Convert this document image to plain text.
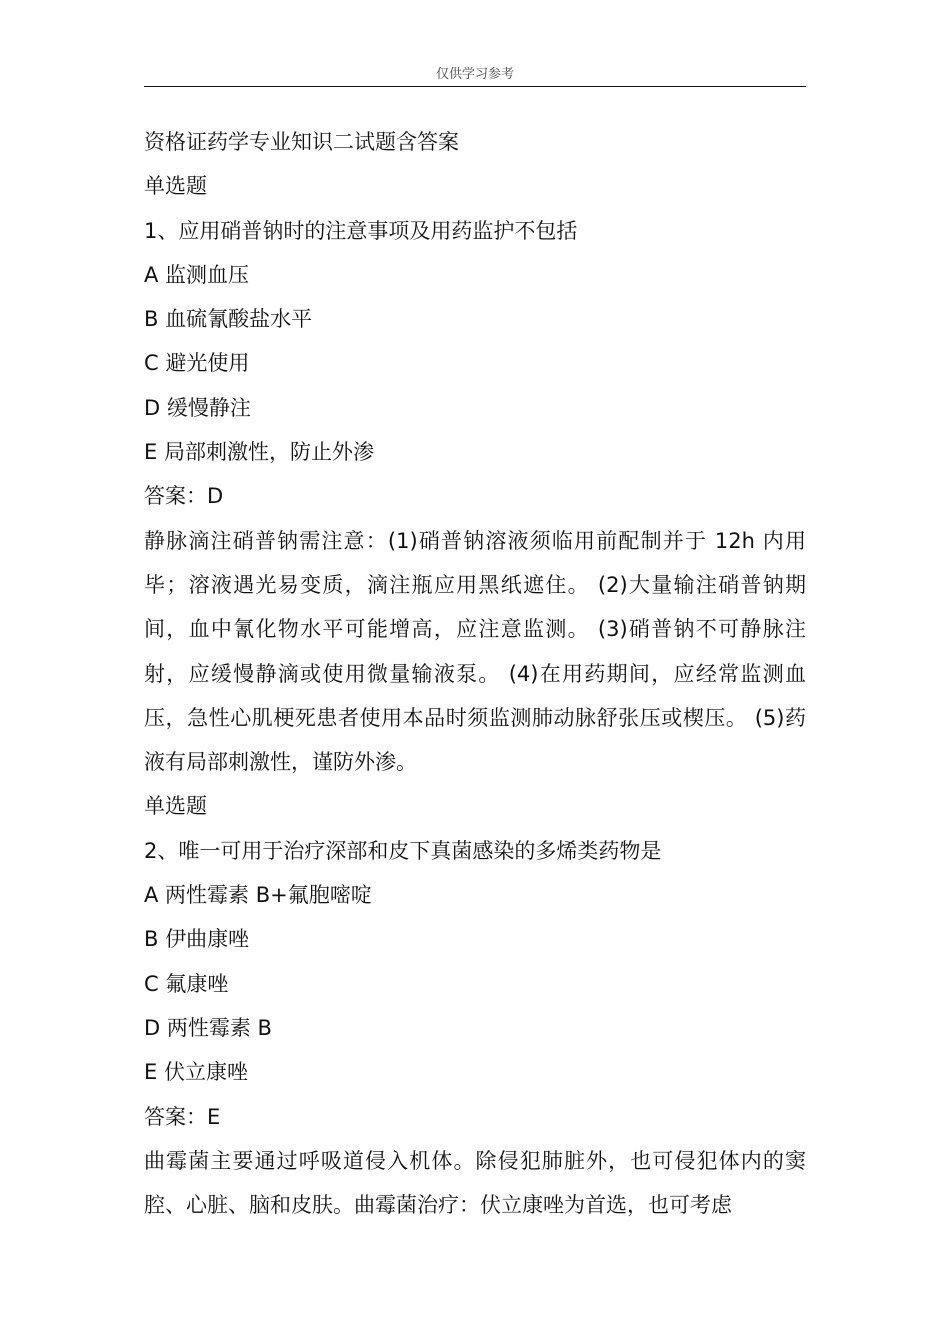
仅供学习参考
资格证药学专业知识二试题含答案
单选题
1、应用硝普钠时的注意事项及用药监护不包括
A 监测血压
B 血硫氰酸盐水平
C 避光使用
D 缓慢静注
E 局部刺激性，防止外渗
答案：D
静脉滴注硝普钠需注意：(1)硝普钠溶液须临用前配制并于 12h 内用毕；溶液遇光易变质，滴注瓶应用黑纸遮住。 (2)大量输注硝普钠期间，血中氰化物水平可能增高，应注意监测。 (3)硝普钠不可静脉注射，应缓慢静滴或使用微量输液泵。 (4)在用药期间，应经常监测血压，急性心肌梗死患者使用本品时须监测肺动脉舒张压或楔压。 (5)药液有局部刺激性，谨防外渗。
单选题
2、唯一可用于治疗深部和皮下真菌感染的多烯类药物是
A 两性霉素 B+氟胞嘧啶
B 伊曲康唑
C 氟康唑
D 两性霉素 B
E 伏立康唑
答案：E
曲霉菌主要通过呼吸道侵入机体。除侵犯肺脏外，也可侵犯体内的窦腔、心脏、脑和皮肤。曲霉菌治疗：伏立康唑为首选，也可考虑
